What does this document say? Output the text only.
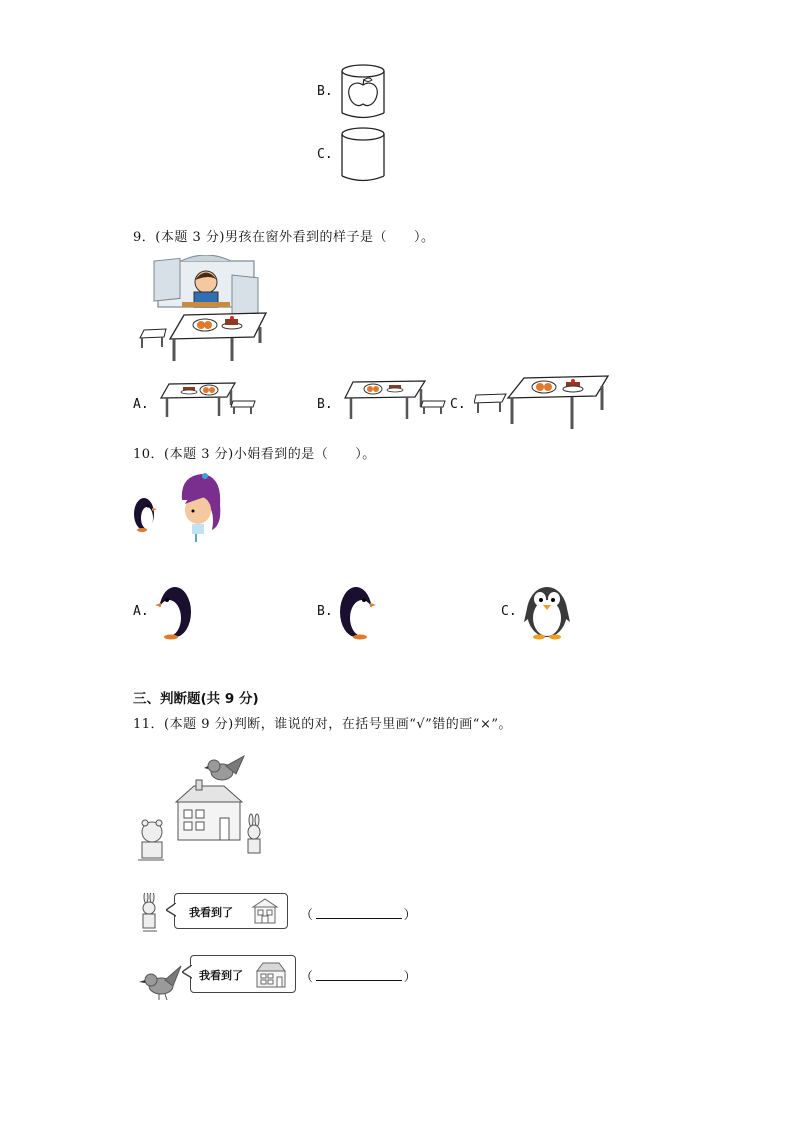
B.
C.
9．(本题 3 分)男孩在窗外看到的样子是（　　）。
A.	B.	C.
10．(本题 3 分)小娟看到的是（　　）。
A.	B.	C.
三、判断题(共 9 分)
11．(本题 9 分)判断，谁说的对，在括号里画“√”错的画“×”。
我看到了	（	）
我看到了	（	）
